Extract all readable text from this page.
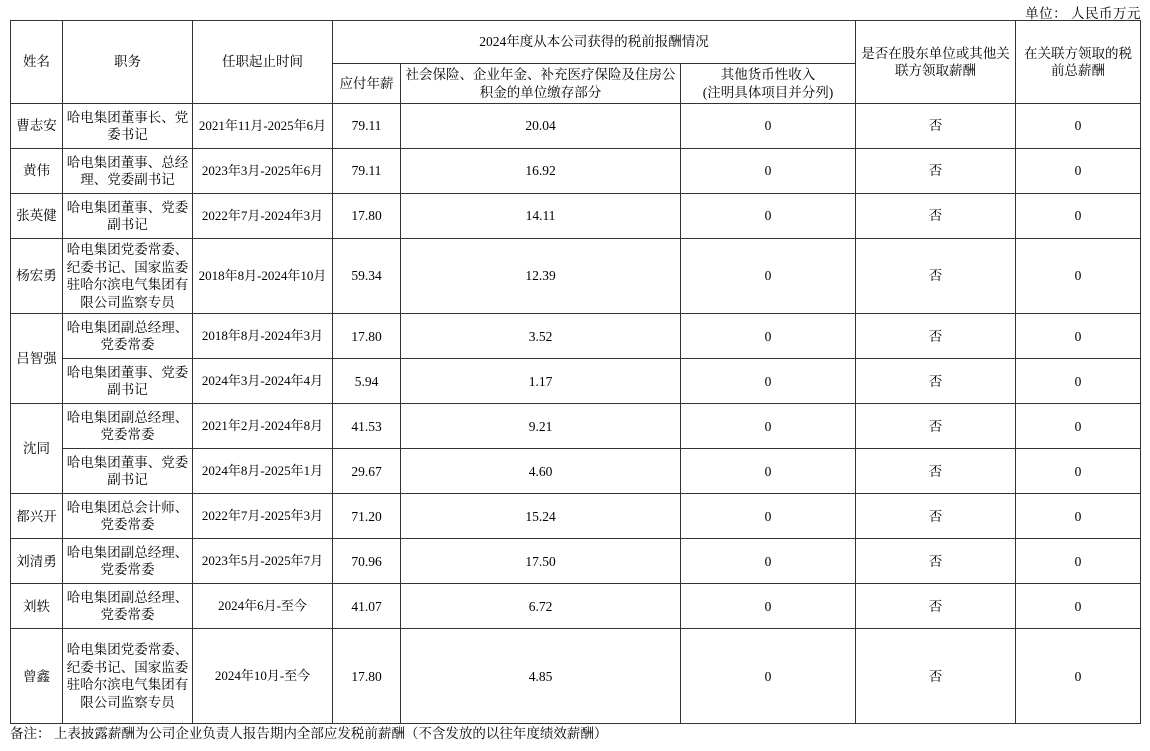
单位： 人民币万元
姓名	职务	任职起止时间	2024年度从本公司获得的税前报酬情况			是否在股东单位或其他关联方领取薪酬	在关联方领取的税前总薪酬
			应付年薪	社会保险、企业年金、补充医疗保险及住房公积金的单位缴存部分	其他货币性收入
(注明具体项目并分列)		

曹志安	哈电集团董事长、党委书记	2021年11月-2025年6月	79.11	20.04	0	否	0
黄伟	哈电集团董事、总经理、党委副书记	2023年3月-2025年6月	79.11	16.92	0	否	0
张英健	哈电集团董事、党委副书记	2022年7月-2024年3月	17.80	14.11	0	否	0
杨宏勇	哈电集团党委常委、纪委书记、国家监委驻哈尔滨电气集团有限公司监察专员	2018年8月-2024年10月	59.34	12.39	0	否	0
吕智强	哈电集团副总经理、党委常委	2018年8月-2024年3月	17.80	3.52	0	否	0
	哈电集团董事、党委副书记	2024年3月-2024年4月	5.94	1.17	0	否	0
沈同	哈电集团副总经理、党委常委	2021年2月-2024年8月	41.53	9.21	0	否	0
	哈电集团董事、党委副书记	2024年8月-2025年1月	29.67	4.60	0	否	0
都兴开	哈电集团总会计师、党委常委	2022年7月-2025年3月	71.20	15.24	0	否	0
刘清勇	哈电集团副总经理、党委常委	2023年5月-2025年7月	70.96	17.50	0	否	0
刘轶	哈电集团副总经理、党委常委	2024年6月-至今	41.07	6.72	0	否	0
曾鑫	哈电集团党委常委、纪委书记、国家监委驻哈尔滨电气集团有限公司监察专员	2024年10月-至今	17.80	4.85	0	否	0
备注： 上表披露薪酬为公司企业负责人报告期内全部应发税前薪酬（不含发放的以往年度绩效薪酬）
